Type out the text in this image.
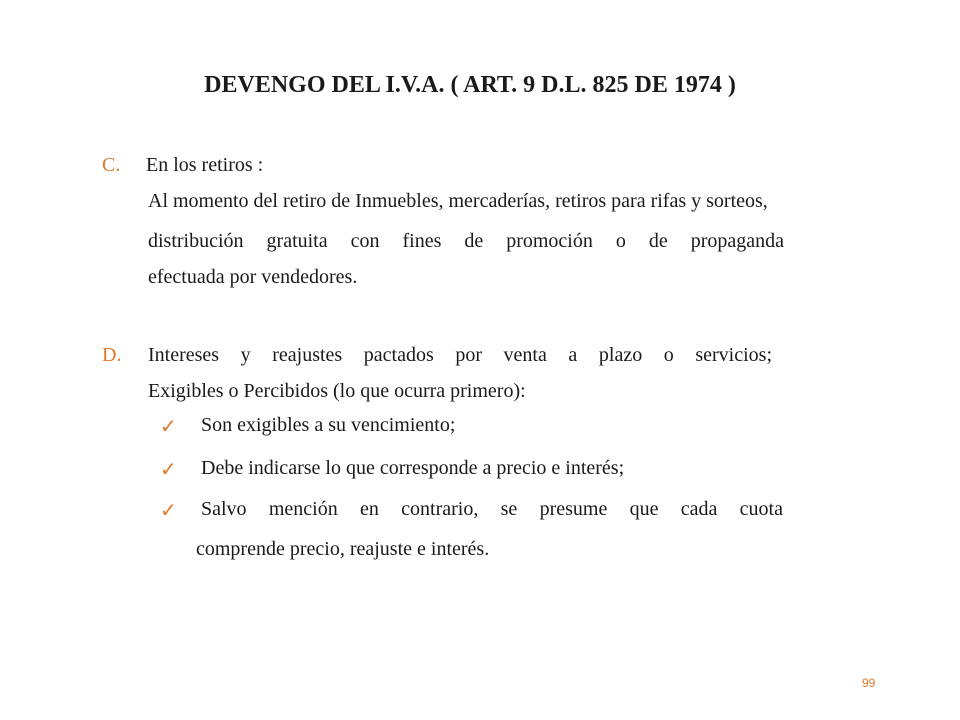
DEVENGO DEL I.V.A. ( ART. 9 D.L. 825 DE 1974 )
C. En los retiros :
Al momento del retiro de Inmuebles, mercaderías, retiros para rifas y sorteos,
distribución gratuita con fines de promoción o de propaganda
efectuada por vendedores.
D. Intereses y reajustes pactados por venta a plazo o servicios;
Exigibles o Percibidos (lo que ocurra primero):
✓ Son exigibles a su vencimiento;
✓ Debe indicarse lo que corresponde a precio e interés;
✓ Salvo mención en contrario, se presume que cada cuota
comprende precio, reajuste e interés.
99
